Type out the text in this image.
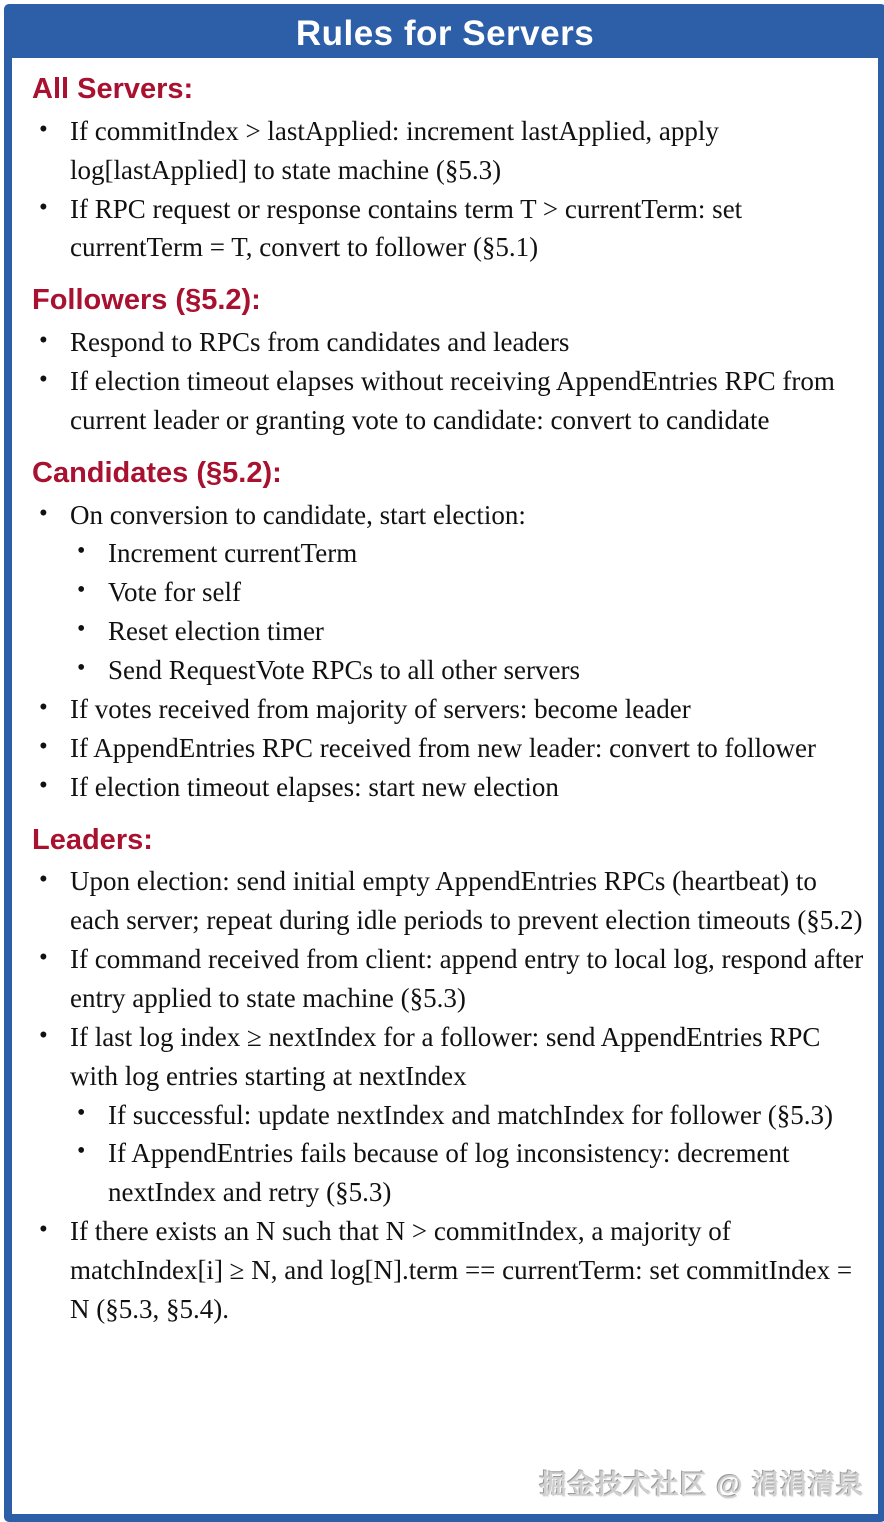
Rules for Servers
All Servers:
• If commitIndex > lastApplied: increment lastApplied, apply log[lastApplied] to state machine (§5.3)
• If RPC request or response contains term T > currentTerm: set currentTerm = T, convert to follower (§5.1)
Followers (§5.2):
• Respond to RPCs from candidates and leaders
• If election timeout elapses without receiving AppendEntries RPC from current leader or granting vote to candidate: convert to candidate
Candidates (§5.2):
• On conversion to candidate, start election:
• Increment currentTerm
• Vote for self
• Reset election timer
• Send RequestVote RPCs to all other servers
• If votes received from majority of servers: become leader
• If AppendEntries RPC received from new leader: convert to follower
• If election timeout elapses: start new election
Leaders:
• Upon election: send initial empty AppendEntries RPCs (heartbeat) to each server; repeat during idle periods to prevent election timeouts (§5.2)
• If command received from client: append entry to local log, respond after entry applied to state machine (§5.3)
• If last log index ≥ nextIndex for a follower: send AppendEntries RPC with log entries starting at nextIndex
• If successful: update nextIndex and matchIndex for follower (§5.3)
• If AppendEntries fails because of log inconsistency: decrement nextIndex and retry (§5.3)
• If there exists an N such that N > commitIndex, a majority of matchIndex[i] ≥ N, and log[N].term == currentTerm: set commitIndex = N (§5.3, §5.4).
掘金技术社区 @ 涓涓清泉
